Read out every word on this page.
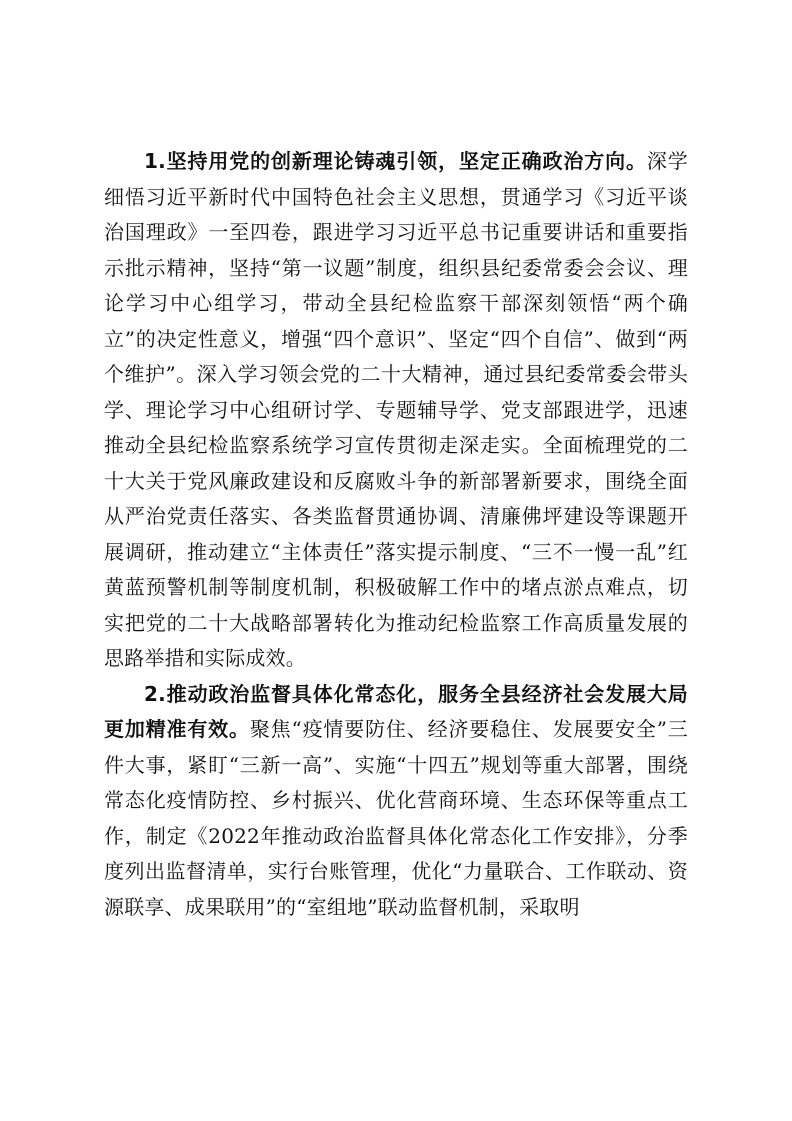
1.坚持用党的创新理论铸魂引领，坚定正确政治方向。深学细悟习近平新时代中国特色社会主义思想，贯通学习《习近平谈治国理政》一至四卷，跟进学习习近平总书记重要讲话和重要指示批示精神，坚持“第一议题”制度，组织县纪委常委会会议、理论学习中心组学习，带动全县纪检监察干部深刻领悟“两个确立”的决定性意义，增强“四个意识”、坚定“四个自信”、做到“两个维护”。深入学习领会党的二十大精神，通过县纪委常委会带头学、理论学习中心组研讨学、专题辅导学、党支部跟进学，迅速推动全县纪检监察系统学习宣传贯彻走深走实。全面梳理党的二十大关于党风廉政建设和反腐败斗争的新部署新要求，围绕全面从严治党责任落实、各类监督贯通协调、清廉佛坪建设等课题开展调研，推动建立“主体责任”落实提示制度、“三不一慢一乱”红黄蓝预警机制等制度机制，积极破解工作中的堵点淤点难点，切实把党的二十大战略部署转化为推动纪检监察工作高质量发展的思路举措和实际成效。

2.推动政治监督具体化常态化，服务全县经济社会发展大局更加精准有效。聚焦“疫情要防住、经济要稳住、发展要安全”三件大事，紧盯“三新一高”、实施“十四五”规划等重大部署，围绕常态化疫情防控、乡村振兴、优化营商环境、生态环保等重点工作，制定《2022年推动政治监督具体化常态化工作安排》，分季度列出监督清单，实行台账管理，优化“力量联合、工作联动、资源联享、成果联用”的“室组地”联动监督机制，采取明
